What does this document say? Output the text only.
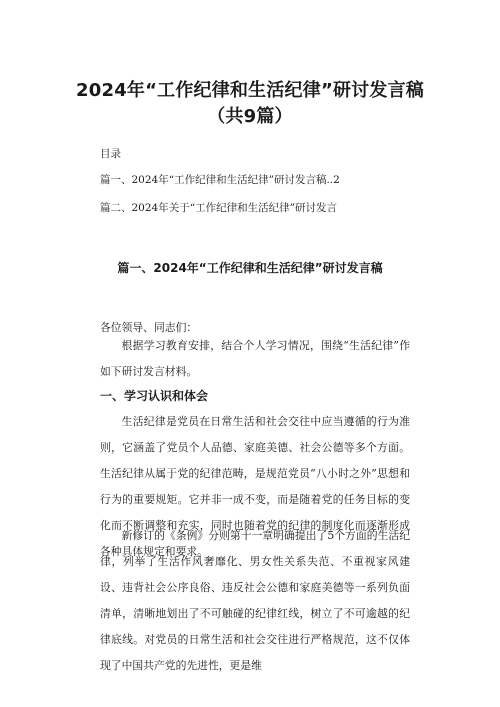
2024年“工作纪律和生活纪律”研讨发言稿
（共9篇）
目录
篇一、2024年“工作纪律和生活纪律”研讨发言稿..2
篇二、2024年关于“工作纪律和生活纪律”研讨发言
篇一、2024年“工作纪律和生活纪律”研讨发言稿

各位领导、同志们：

根据学习教育安排，结合个人学习情况，围绕“生活纪律”作如下研讨发言材料。

一、学习认识和体会

生活纪律是党员在日常生活和社会交往中应当遵循的行为准则，它涵盖了党员个人品德、家庭美德、社会公德等多个方面。生活纪律从属于党的纪律范畴，是规范党员“八小时之外”思想和行为的重要规矩。它并非一成不变，而是随着党的任务目标的变化而不断调整和充实，同时也随着党的纪律的制度化而逐渐形成各种具体规定和要求。

新修订的《条例》分则第十一章明确提出了5个方面的生活纪律，列举了生活作风奢靡化、男女性关系失范、不重视家风建设、违背社会公序良俗、违反社会公德和家庭美德等一系列负面清单，清晰地划出了不可触碰的纪律红线，树立了不可逾越的纪律底线。对党员的日常生活和社会交往进行严格规范，这不仅体现了中国共产党的先进性，更是维
